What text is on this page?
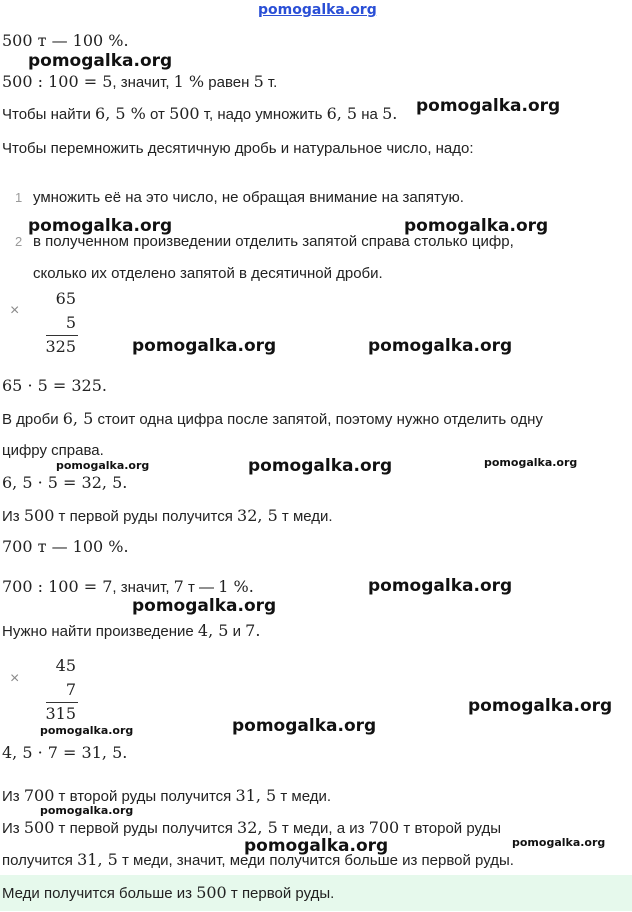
pomogalka.org
pomogalka.org
pomogalka.org
pomogalka.org	pomogalka.org
pomogalka.org	pomogalka.org
pomogalka.org	pomogalka.org	pomogalka.org
pomogalka.org
pomogalka.org
pomogalka.org
pomogalka.org	pomogalka.org
pomogalka.org
pomogalka.org	pomogalka.org
500 т — 100 %.
500 : 100 = 5, значит, 1 % равен 5 т.
Чтобы найти 6, 5 % от 500 т, надо умножить 6, 5 на 5.
Чтобы перемножить десятичную дробь и натуральное число, надо:
1 умножить её на это число, не обращая внимание на запятую.
2 в полученном произведении отделить запятой справа столько цифр,
сколько их отделено запятой в десятичной дроби.
×
65
5
325
65 · 5 = 325.
В дроби 6, 5 стоит одна цифра после запятой, поэтому нужно отделить одну
цифру справа.
6, 5 · 5 = 32, 5.
Из 500 т первой руды получится 32, 5 т меди.
700 т — 100 %.
700 : 100 = 7, значит, 7 т — 1 %.
Нужно найти произведение 4, 5 и 7.
×
45
7
315
4, 5 · 7 = 31, 5.
Из 700 т второй руды получится 31, 5 т меди.
Из 500 т первой руды получится 32, 5 т меди, а из 700 т второй руды
получится 31, 5 т меди, значит, меди получится больше из первой руды.
Меди получится больше из 500 т первой руды.
